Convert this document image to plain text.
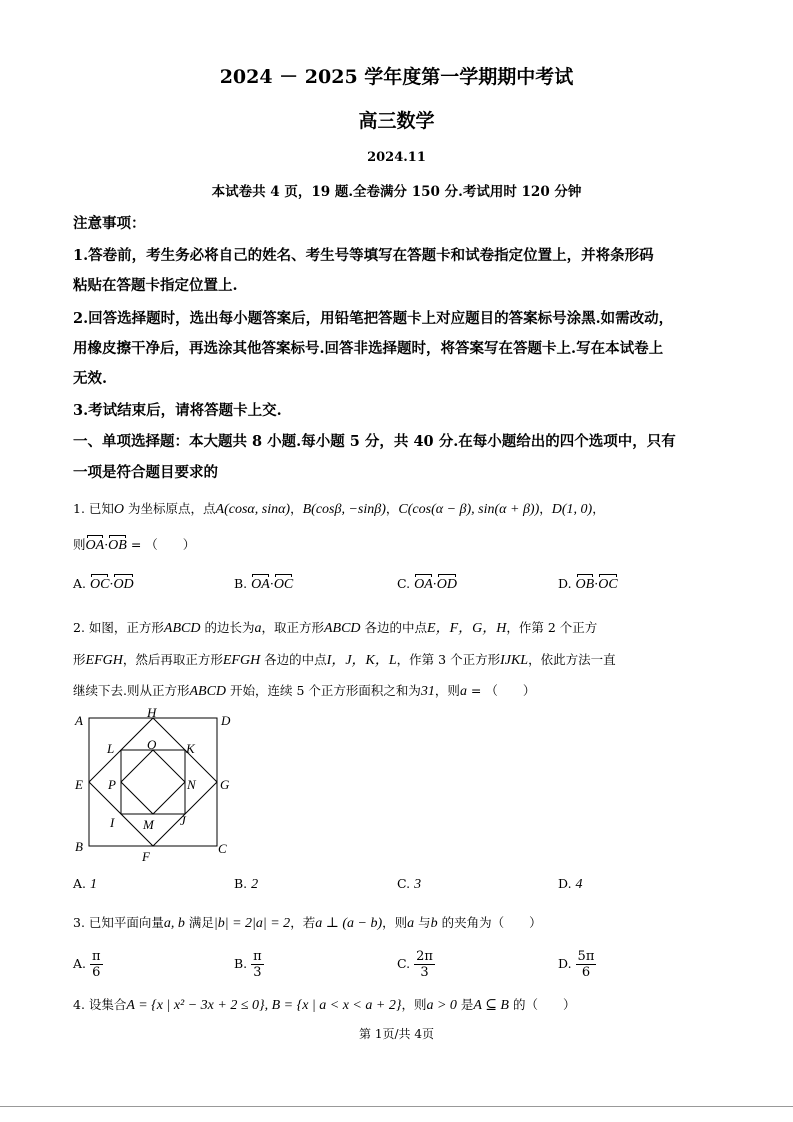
2024 － 2025 学年度第一学期期中考试
高三数学
2024.11
本试卷共 4 页，19 题.全卷满分 150 分.考试用时 120 分钟
注意事项：
1.答卷前，考生务必将自己的姓名、考生号等填写在答题卡和试卷指定位置上，并将条形码
粘贴在答题卡指定位置上.
2.回答选择题时，选出每小题答案后，用铅笔把答题卡上对应题目的答案标号涂黑.如需改动，
用橡皮擦干净后，再选涂其他答案标号.回答非选择题时，将答案写在答题卡上.写在本试卷上
无效.
3.考试结束后，请将答题卡上交.
一、单项选择题：本大题共 8 小题.每小题 5 分，共 40 分.在每小题给出的四个选项中，只有
一项是符合题目要求的
1. 已知O 为坐标原点，点A(cosα, sinα)，B(cosβ, −sinβ)，C(cos(α − β), sin(α + β))，D(1, 0)，
则OA·OB = （　　）
A. OC·OD	B. OA·OC	C. OA·OD	D. OB·OC
2. 如图，正方形ABCD 的边长为a，取正方形ABCD 各边的中点E，F，G，H，作第 2 个正方
形EFGH，然后再取正方形EFGH 各边的中点I，J，K，L，作第 3 个正方形IJKL，依此方法一直
继续下去.则从正方形ABCD 开始，连续 5 个正方形面积之和为31，则a = （　　）
A
H
D
L	O K
E P	N G
I M J
B
F
C
A. 1	B. 2	C. 3	D. 4
3. 已知平面向量a, b 满足|b| = 2|a| = 2，若a ⊥ (a − b)，则a 与b 的夹角为（　　）
A. $\frac{\pi}{6}$	B. $\frac{\pi}{3}$	C. $\frac{2\pi}{3}$	D. $\frac{5\pi}{6}$
4. 设集合A = {x | x² − 3x + 2 ≤ 0}, B = {x | a < x < a + 2}，则a > 0 是A ⊆ B 的（　　）
第 1页/共 4页
